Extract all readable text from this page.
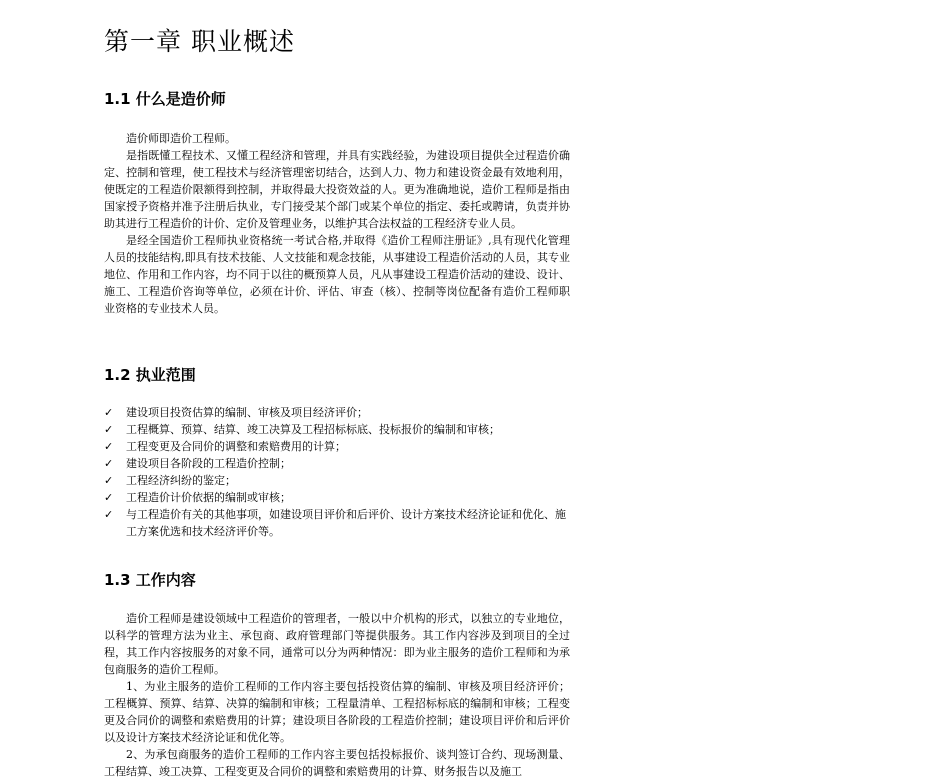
第一章 职业概述
1.1 什么是造价师

造价师即造价工程师。

是指既懂工程技术、又懂工程经济和管理，并具有实践经验，为建设项目提供全过程造价确定、控制和管理，使工程技术与经济管理密切结合，达到人力、物力和建设资金最有效地利用，使既定的工程造价限额得到控制，并取得最大投资效益的人。更为准确地说，造价工程师是指由国家授予资格并准予注册后执业，专门接受某个部门或某个单位的指定、委托或聘请，负责并协助其进行工程造价的计价、定价及管理业务，以维护其合法权益的工程经济专业人员。

是经全国造价工程师执业资格统一考试合格,并取得《造价工程师注册证》,具有现代化管理人员的技能结构,即具有技术技能、人文技能和观念技能，从事建设工程造价活动的人员，其专业地位、作用和工作内容，均不同于以往的概预算人员，凡从事建设工程造价活动的建设、设计、施工、工程造价咨询等单位，必须在计价、评估、审查（核）、控制等岗位配备有造价工程师职业资格的专业技术人员。

1.2 执业范围
✓	建设项目投资估算的编制、审核及项目经济评价；
✓	工程概算、预算、结算、竣工决算及工程招标标底、投标报价的编制和审核；
✓	工程变更及合同价的调整和索赔费用的计算；
✓	建设项目各阶段的工程造价控制；
✓	工程经济纠纷的鉴定；
✓	工程造价计价依据的编制或审核；
✓	与工程造价有关的其他事项，如建设项目评价和后评价、设计方案技术经济论证和优化、施工方案优选和技术经济评价等。
1.3 工作内容

造价工程师是建设领域中工程造价的管理者，一般以中介机构的形式，以独立的专业地位，以科学的管理方法为业主、承包商、政府管理部门等提供服务。其工作内容涉及到项目的全过程，其工作内容按服务的对象不同，通常可以分为两种情况：即为业主服务的造价工程师和为承包商服务的造价工程师。

1、为业主服务的造价工程师的工作内容主要包括投资估算的编制、审核及项目经济评价；工程概算、预算、结算、决算的编制和审核；工程量清单、工程招标标底的编制和审核；工程变更及合同价的调整和索赔费用的计算；建设项目各阶段的工程造价控制；建设项目评价和后评价以及设计方案技术经济论证和优化等。

2、为承包商服务的造价工程师的工作内容主要包括投标报价、谈判签订合约、现场测量、工程结算、竣工决算、工程变更及合同价的调整和索赔费用的计算、财务报告以及施工
